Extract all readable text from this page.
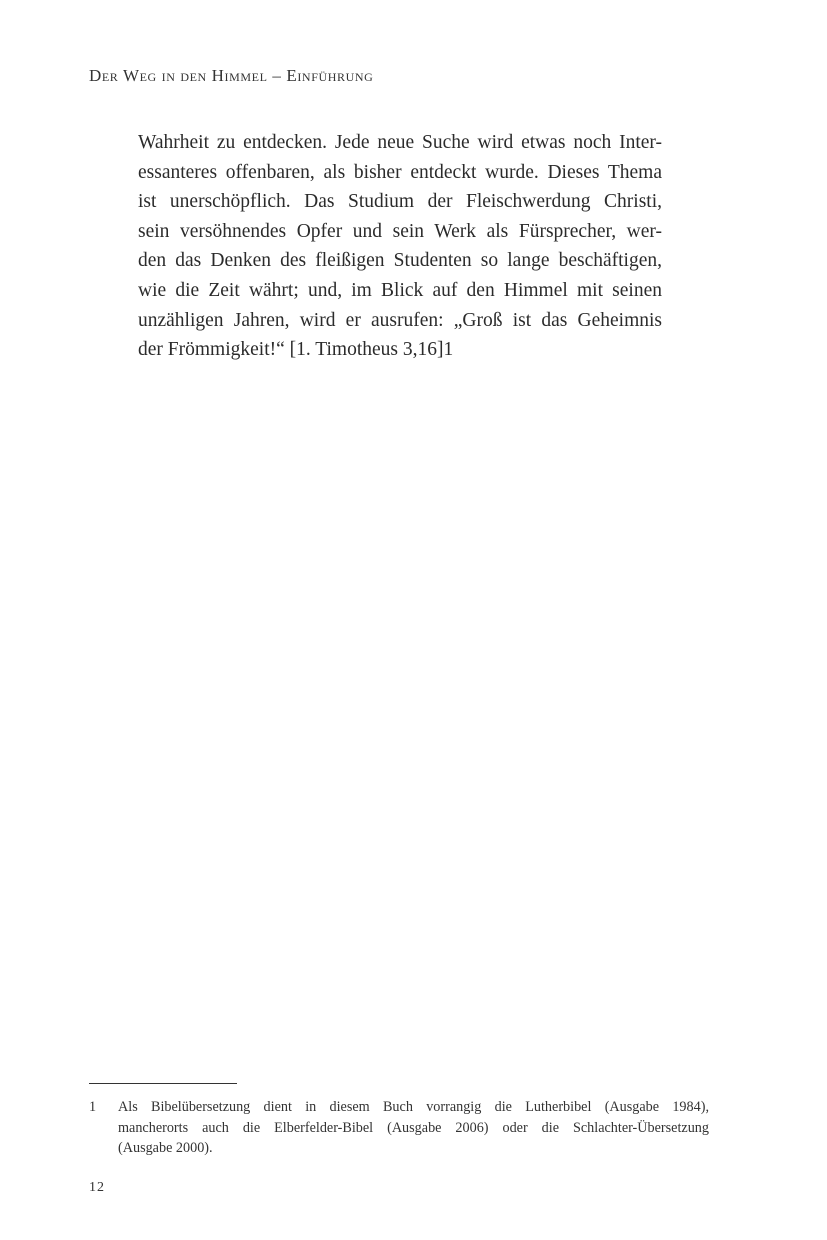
Der Weg in den Himmel – Einführung
Wahrheit zu entdecken. Jede neue Suche wird etwas noch Inter-
essanteres offenbaren, als bisher entdeckt wurde. Dieses Thema
ist unerschöpflich. Das Studium der Fleischwerdung Christi,
sein versöhnendes Opfer und sein Werk als Fürsprecher, wer-
den das Denken des fleißigen Studenten so lange beschäftigen,
wie die Zeit währt; und, im Blick auf den Himmel mit seinen
unzähligen Jahren, wird er ausrufen: „Groß ist das Geheimnis
der Frömmigkeit!“ [1. Timotheus 3,16]1
1 Als Bibelübersetzung dient in diesem Buch vorrangig die Lutherbibel (Ausgabe 1984),
mancherorts auch die Elberfelder-Bibel (Ausgabe 2006) oder die Schlachter-Übersetzung
(Ausgabe 2000).
12
